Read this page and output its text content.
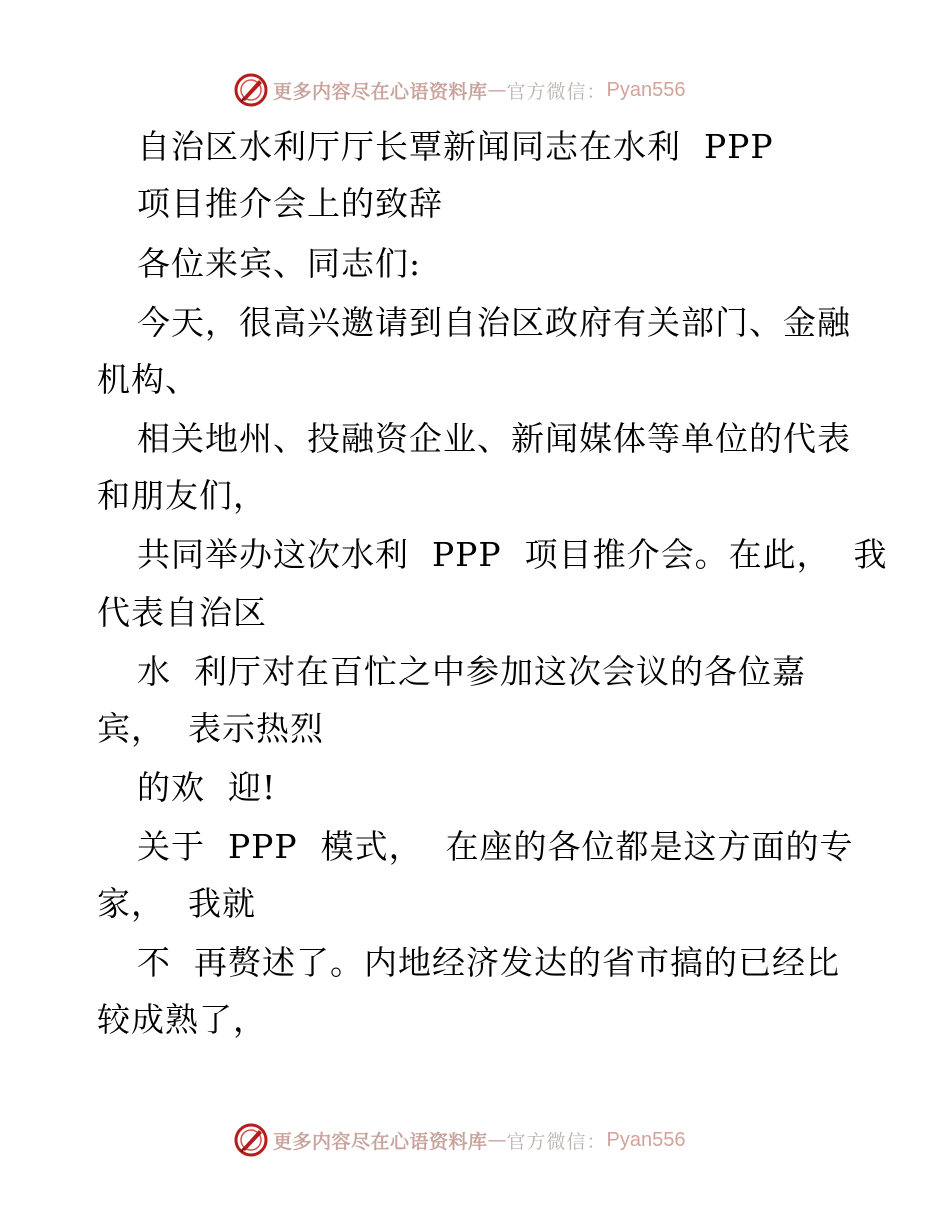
更多内容尽在心语资料库 — 官方微信： Pyan556
自治区水利厅厅长覃新闻同志在水利  PPP
项目推介会上的致辞
各位来宾、同志们:
今天，很高兴邀请到自治区政府有关部门、金融
机构、
相关地州、投融资企业、新闻媒体等单位的代表
和朋友们，
共同举办这次水利  PPP  项目推介会。在此，  我
代表自治区
水  利厅对在百忙之中参加这次会议的各位嘉
宾，  表示热烈
的欢  迎!
关于  PPP  模式，  在座的各位都是这方面的专
家，  我就
不  再赘述了。内地经济发达的省市搞的已经比
较成熟了，
更多内容尽在心语资料库 — 官方微信： Pyan556
